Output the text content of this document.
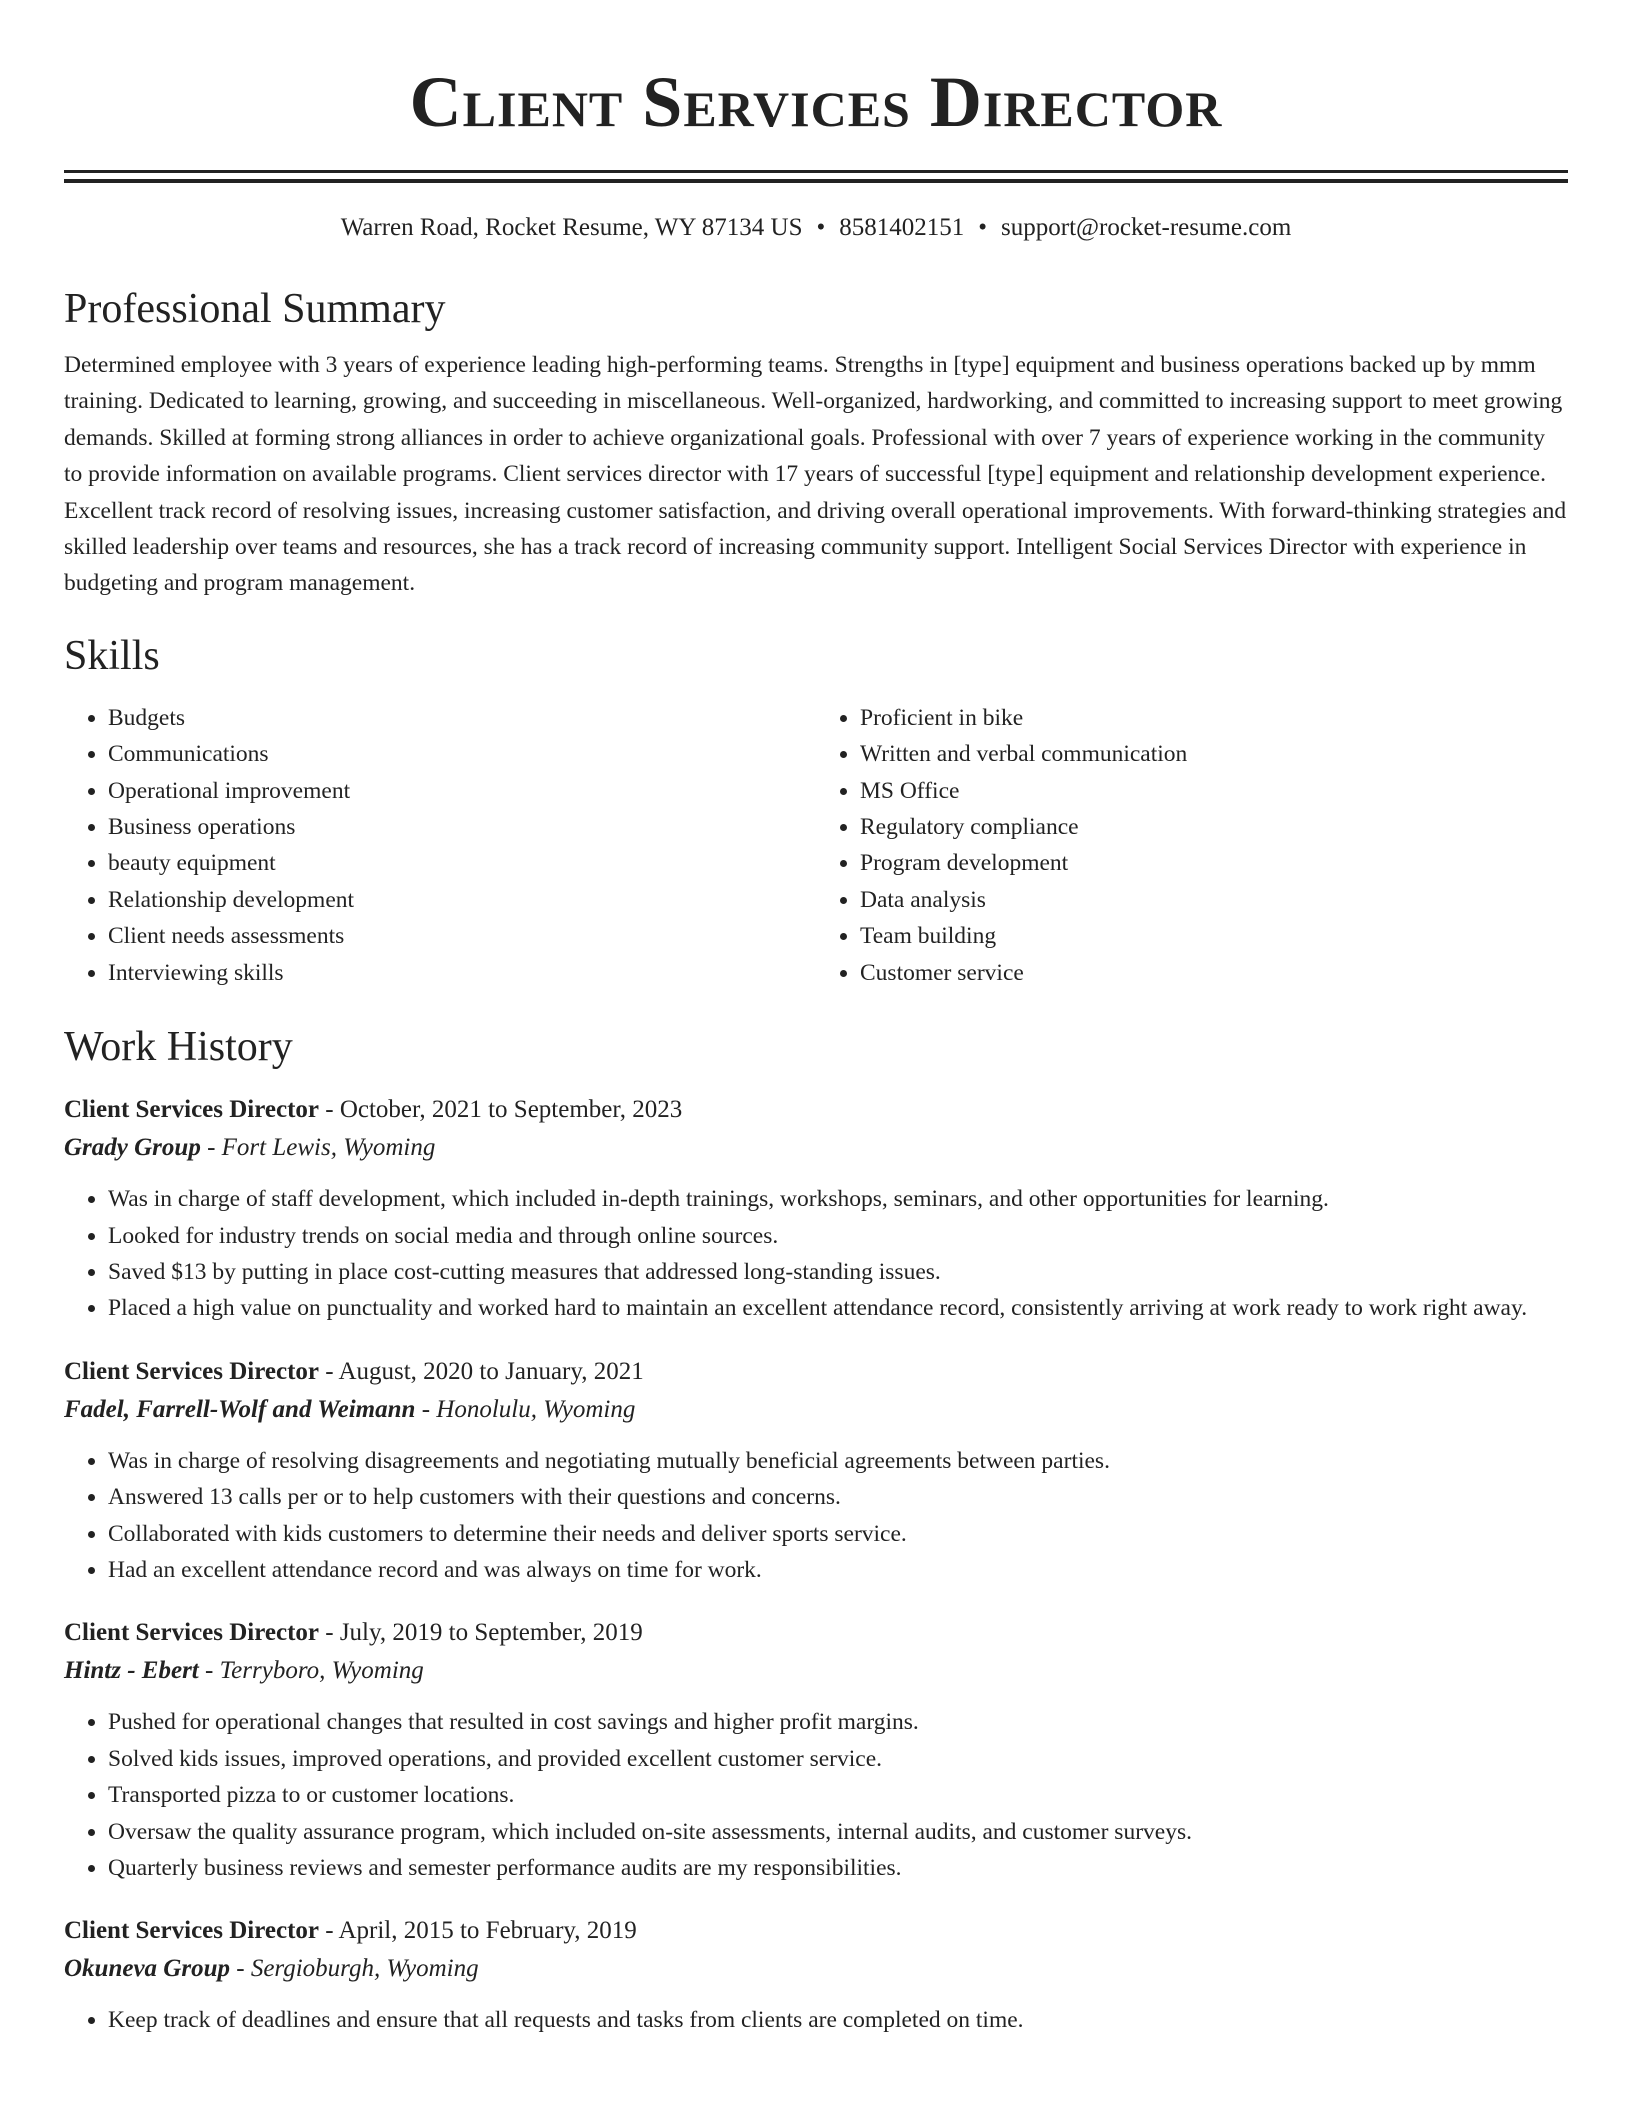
Client Services Director
Warren Road, Rocket Resume, WY 87134 US • 8581402151 • support@rocket-resume.com
Professional Summary

Determined employee with 3 years of experience leading high-performing teams. Strengths in [type] equipment and business operations backed up by mmm training. Dedicated to learning, growing, and succeeding in miscellaneous. Well-organized, hardworking, and committed to increasing support to meet growing demands. Skilled at forming strong alliances in order to achieve organizational goals. Professional with over 7 years of experience working in the community to provide information on available programs. Client services director with 17 years of successful [type] equipment and relationship development experience. Excellent track record of resolving issues, increasing customer satisfaction, and driving overall operational improvements. With forward-thinking strategies and skilled leadership over teams and resources, she has a track record of increasing community support. Intelligent Social Services Director with experience in budgeting and program management.

Skills
• Budgets
• Communications
• Operational improvement
• Business operations
• beauty equipment
• Relationship development
• Client needs assessments
• Interviewing skills
• Proficient in bike
• Written and verbal communication
• MS Office
• Regulatory compliance
• Program development
• Data analysis
• Team building
• Customer service
Work History
Client Services Director - October, 2021 to September, 2023
Grady Group - Fort Lewis, Wyoming
• Was in charge of staff development, which included in-depth trainings, workshops, seminars, and other opportunities for learning.
• Looked for industry trends on social media and through online sources.
• Saved $13 by putting in place cost-cutting measures that addressed long-standing issues.
• Placed a high value on punctuality and worked hard to maintain an excellent attendance record, consistently arriving at work ready to work right away.
Client Services Director - August, 2020 to January, 2021
Fadel, Farrell-Wolf and Weimann - Honolulu, Wyoming
• Was in charge of resolving disagreements and negotiating mutually beneficial agreements between parties.
• Answered 13 calls per or to help customers with their questions and concerns.
• Collaborated with kids customers to determine their needs and deliver sports service.
• Had an excellent attendance record and was always on time for work.
Client Services Director - July, 2019 to September, 2019
Hintz - Ebert - Terryboro, Wyoming
• Pushed for operational changes that resulted in cost savings and higher profit margins.
• Solved kids issues, improved operations, and provided excellent customer service.
• Transported pizza to or customer locations.
• Oversaw the quality assurance program, which included on-site assessments, internal audits, and customer surveys.
• Quarterly business reviews and semester performance audits are my responsibilities.
Client Services Director - April, 2015 to February, 2019
Okuneva Group - Sergioburgh, Wyoming
• Keep track of deadlines and ensure that all requests and tasks from clients are completed on time.
